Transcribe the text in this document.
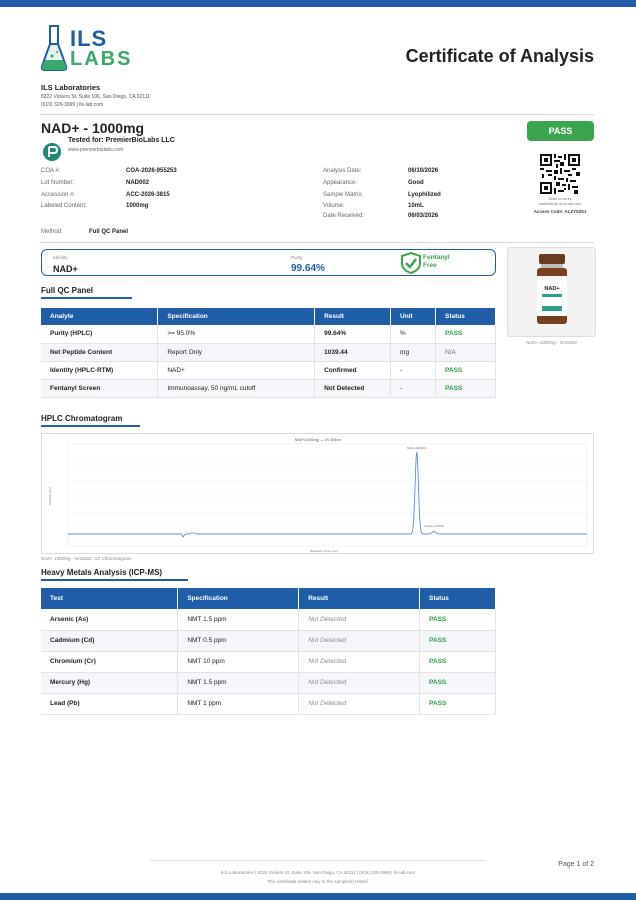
ILS
LABS	Certificate of Analysis
ILS Laboratories
8222 Vickers St. Suite 106, San Diego, CA 92111
(619) 329-3999 | ils-lab.com
NAD+ - 1000mg	PASS
Tested for: PremierBioLabs LLC
www.premierbiolabs.com
COA #:	COA-2026-955253
Lot Number:	NAD002
Accession #:	ACC-2026-3815
Labeled Content:	1000mg
Analysis Date:	06/10/2026
Appearance:	Good
Sample Matrix:	Lyophilized
Volume:	10mL
Date Received:	06/03/2026
Scan to verify
authenticity at ils-lab.com
Access Code: ALZY0Z5J
Method:	Full QC Panel
Identity
NAD+
Purity
99.64%
Fentanyl
Free
NAD+
NAD+ 1000mg - NAD002
Full QC Panel
Analyte	Specification	Result	Unit	Status
Purity (HPLC)	>= 95.0%	99.64%	%	PASS
Net Peptide Content	Report Only	1039.44	mg	N/A
Identity (HPLC-RTM)	NAD+	Confirmed	-	PASS
Fentanyl Screen	Immunoassay, 50 ng/mL cutoff	Not Detected	-	PASS
HPLC Chromatogram
NAD+(1000mg) — UV 254nm
NAD+ (99.64%)
Impurity (0.36%)
Retention Time (min)
Intensity (mV)
NAD+ 1000mg - NAD002: UV Chromatogram
Heavy Metals Analysis (ICP-MS)
Test	Specification	Result	Status
Arsenic (As)	NMT 1.5 ppm	Not Detected	PASS
Cadmium (Cd)	NMT 0.5 ppm	Not Detected	PASS
Chromium (Cr)	NMT 10 ppm	Not Detected	PASS
Mercury (Hg)	NMT 1.5 ppm	Not Detected	PASS
Lead (Pb)	NMT 1 ppm	Not Detected	PASS
Page 1 of 2
ILS Laboratories | 8222 Vickers St. Suite 106, San Diego, CA 92111 | (619) 329-3999 | ils-lab.com
This certificate relates only to the sample(s) tested.
